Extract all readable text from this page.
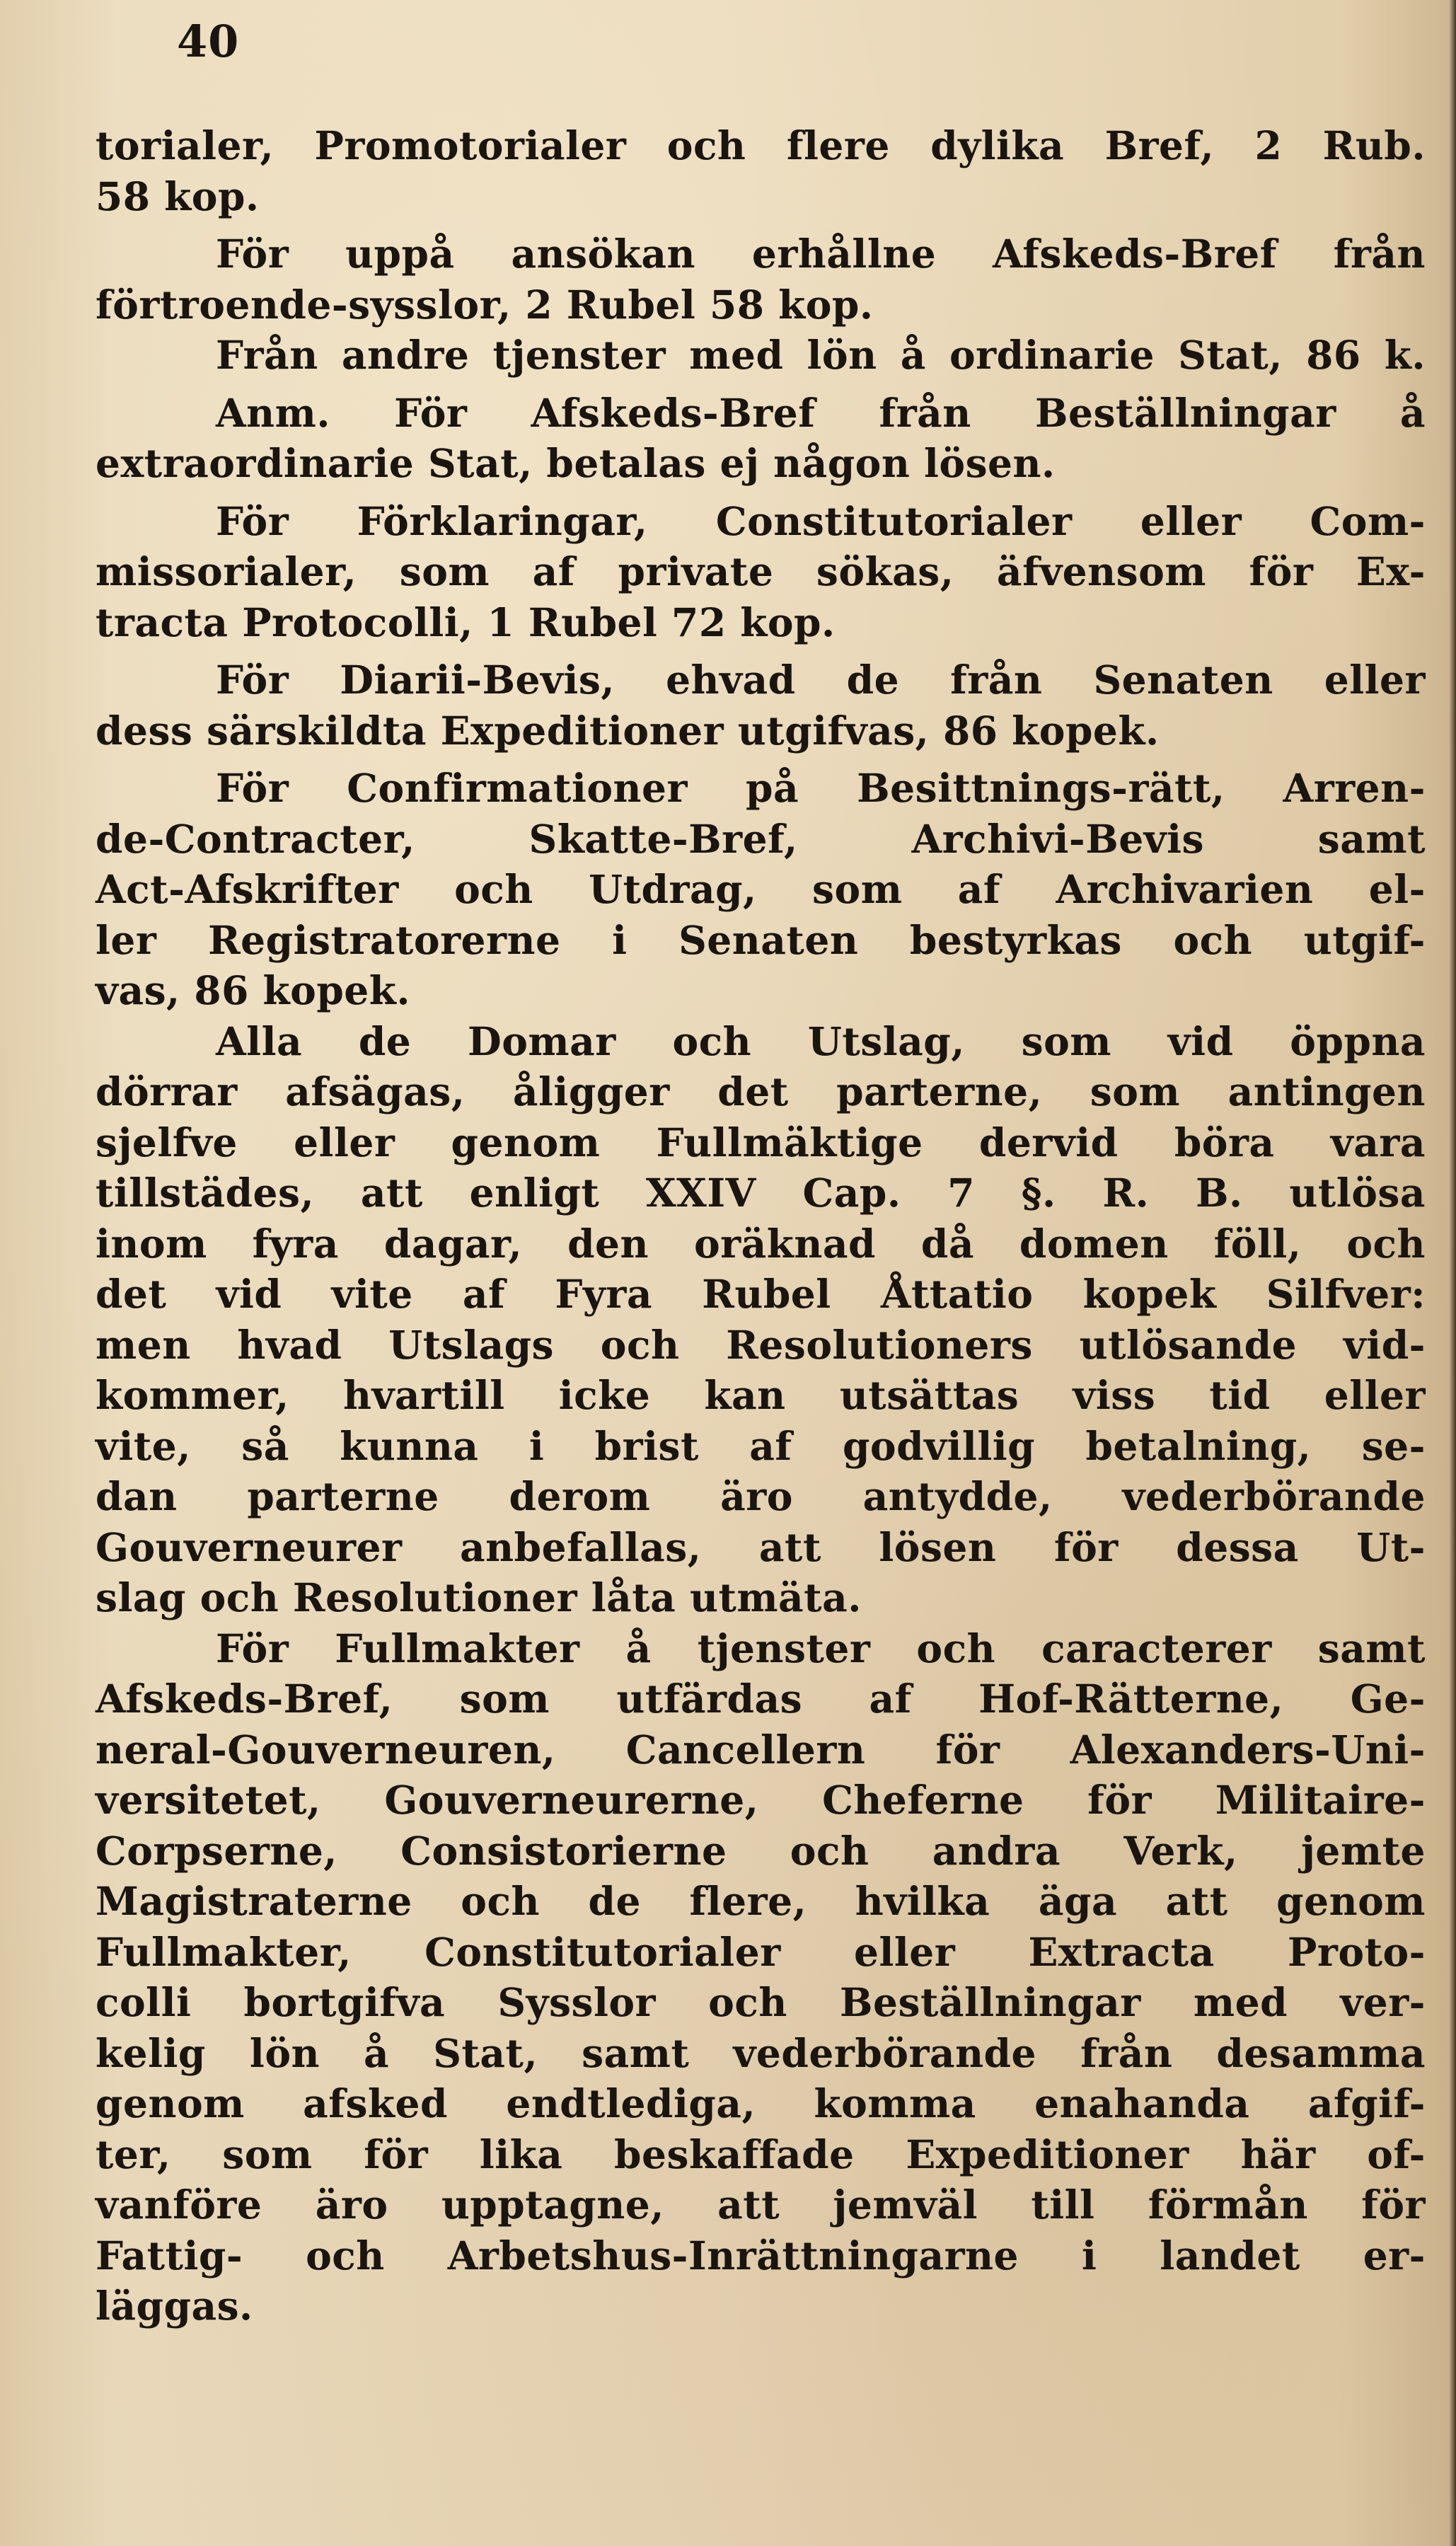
40
torialer, Promotorialer och flere dylika Bref, 2 Rub.
58 kop.
För uppå ansökan erhållne Afskeds-Bref från
förtroende-sysslor, 2 Rubel 58 kop.
Från andre tjenster med lön å ordinarie Stat, 86 k.
Anm. För Afskeds-Bref från Beställningar å
extraordinarie Stat, betalas ej någon lösen.
För Förklaringar, Constitutorialer eller Com-
missorialer, som af private sökas, äfvensom för Ex-
tracta Protocolli, 1 Rubel 72 kop.
För Diarii-Bevis, ehvad de från Senaten eller
dess särskildta Expeditioner utgifvas, 86 kopek.
För Confirmationer på Besittnings-rätt, Arren-
de-Contracter, Skatte-Bref, Archivi-Bevis samt
Act-Afskrifter och Utdrag, som af Archivarien el-
ler Registratorerne i Senaten bestyrkas och utgif-
vas, 86 kopek.
Alla de Domar och Utslag, som vid öppna
dörrar afsägas, åligger det parterne, som antingen
sjelfve eller genom Fullmäktige dervid böra vara
tillstädes, att enligt XXIV Cap. 7 §. R. B. utlösa
inom fyra dagar, den oräknad då domen föll, och
det vid vite af Fyra Rubel Åttatio kopek Silfver:
men hvad Utslags och Resolutioners utlösande vid-
kommer, hvartill icke kan utsättas viss tid eller
vite, så kunna i brist af godvillig betalning, se-
dan parterne derom äro antydde, vederbörande
Gouverneurer anbefallas, att lösen för dessa Ut-
slag och Resolutioner låta utmäta.
För Fullmakter å tjenster och caracterer samt
Afskeds-Bref, som utfärdas af Hof-Rätterne, Ge-
neral-Gouverneuren, Cancellern för Alexanders-Uni-
versitetet, Gouverneurerne, Cheferne för Militaire-
Corpserne, Consistorierne och andra Verk, jemte
Magistraterne och de flere, hvilka äga att genom
Fullmakter, Constitutorialer eller Extracta Proto-
colli bortgifva Sysslor och Beställningar med ver-
kelig lön å Stat, samt vederbörande från desamma
genom afsked endtlediga, komma enahanda afgif-
ter, som för lika beskaffade Expeditioner här of-
vanföre äro upptagne, att jemväl till förmån för
Fattig- och Arbetshus-Inrättningarne i landet er-
läggas.
